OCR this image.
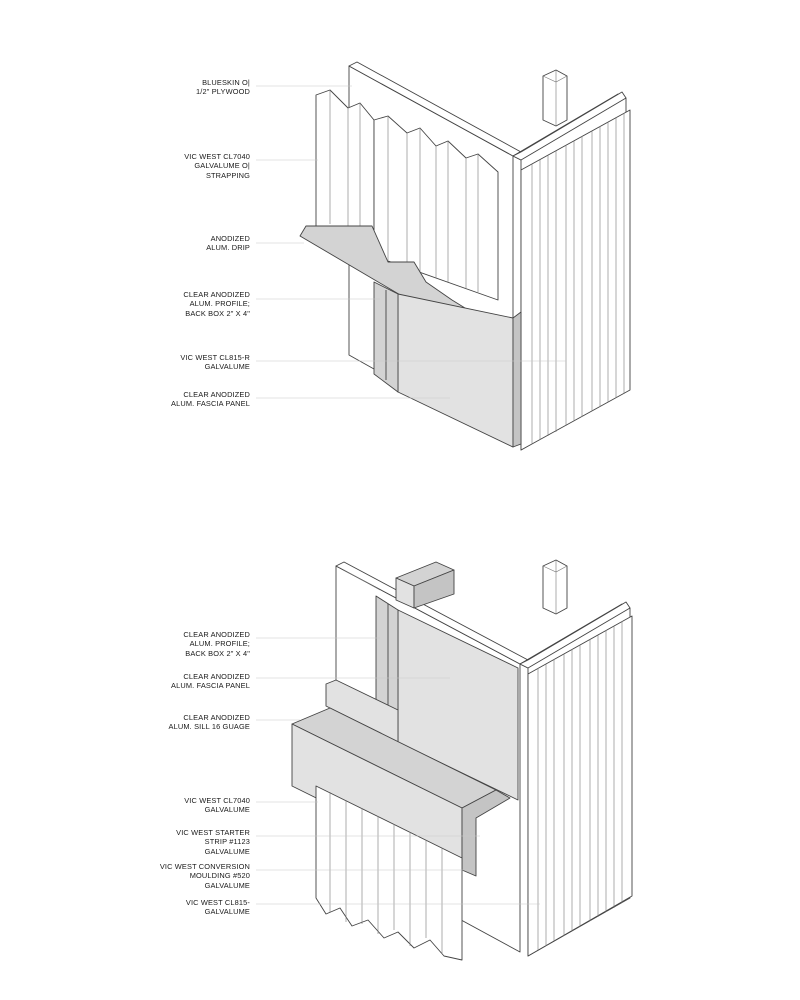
BLUESKIN O|
1/2" PLYWOOD
VIC WEST CL7040
GALVALUME O|
STRAPPING
ANODIZED
ALUM. DRIP
CLEAR ANODIZED
ALUM. PROFILE;
BACK BOX 2" X 4"
VIC WEST CL815-R
GALVALUME
CLEAR ANODIZED
ALUM. FASCIA PANEL
CLEAR ANODIZED
ALUM. PROFILE;
BACK BOX 2" X 4"
CLEAR ANODIZED
ALUM. FASCIA PANEL
CLEAR ANODIZED
ALUM. SILL 16 GUAGE
VIC WEST CL7040
GALVALUME
VIC WEST STARTER
STRIP #1123
GALVALUME
VIC WEST CONVERSION
MOULDING #520
GALVALUME
VIC WEST CL815-
GALVALUME
